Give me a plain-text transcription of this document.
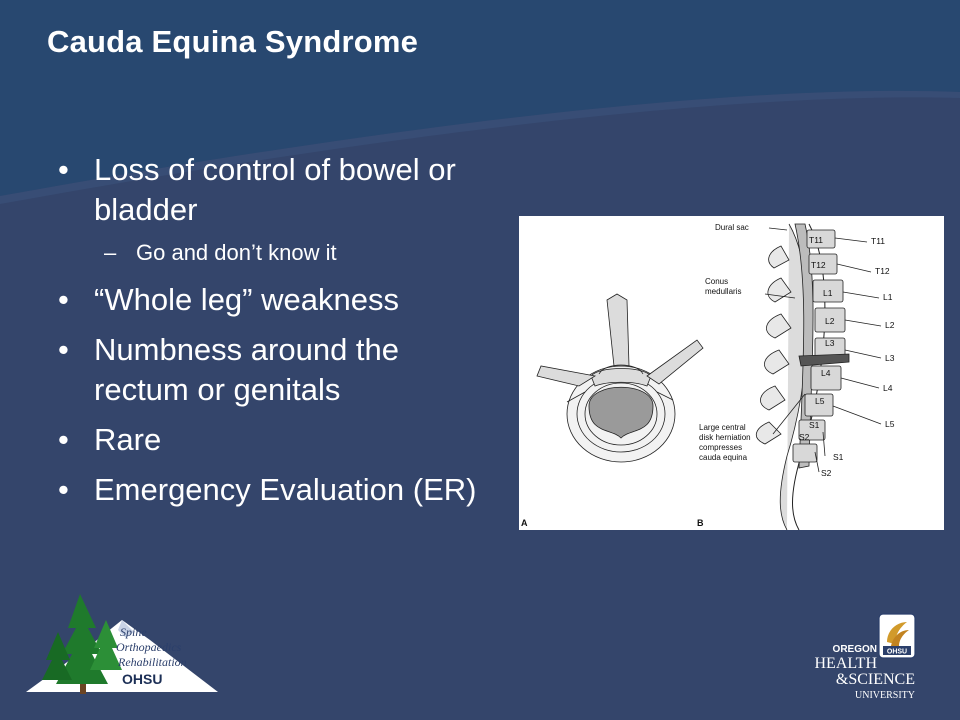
Cauda Equina Syndrome
• Loss of control of bowel or bladder
– Go and don’t know it
• “Whole leg” weakness
• Numbness around the rectum or genitals
• Rare
• Emergency Evaluation (ER)
Dural sac
Conus
medullaris
Large central
disk herniation
compresses
cauda equina
T11
T12
L1
L2
L3
L4
L5
S1
S2
T11
T12
L1
L2
L3
L4
L5
S1
S2
A	B
Spine
Orthopaedics
Rehabilitation
OHSU
OHSU
OREGON
HEALTH
&SCIENCE
UNIVERSITY
